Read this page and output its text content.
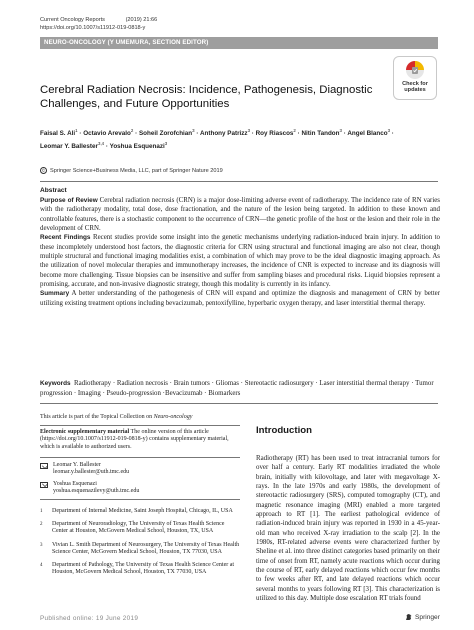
Current Oncology Reports	(2019) 21:66
https://doi.org/10.1007/s11912-019-0818-y
NEURO-ONCOLOGY (Y UMEMURA, SECTION EDITOR)
Check for
updates
Cerebral Radiation Necrosis: Incidence, Pathogenesis, Diagnostic Challenges, and Future Opportunities
Faisal S. Ali$^1$ · Octavio Arevalo$^2$ · Soheil Zorofchian$^3$ · Anthony Patrizz$^3$ · Roy Riascos$^2$ · Nitin Tandon$^3$ · Angel Blanco$^3$ ·
Leomar Y. Ballester$^{3,4}$ · Yoshua Esquenazi$^3$
© Springer Science+Business Media, LLC, part of Springer Nature 2019
Abstract
Purpose of Review Cerebral radiation necrosis (CRN) is a major dose-limiting adverse event of radiotherapy. The incidence rate of RN varies with the radiotherapy modality, total dose, dose fractionation, and the nature of the lesion being targeted. In addition to these known and controllable features, there is a stochastic component to the occurrence of CRN—the genetic profile of the host or the lesion and their role in the development of CRN.
Recent Findings Recent studies provide some insight into the genetic mechanisms underlying radiation-induced brain injury. In addition to these incompletely understood host factors, the diagnostic criteria for CRN using structural and functional imaging are also not clear, though multiple structural and functional imaging modalities exist, a combination of which may prove to be the ideal diagnostic imaging approach. As the utilization of novel molecular therapies and immunotherapy increases, the incidence of CNR is expected to increase and its diagnosis will become more challenging. Tissue biopsies can be insensitive and suffer from sampling biases and procedural risks. Liquid biopsies represent a promising, accurate, and non-invasive diagnostic strategy, though this modality is currently in its infancy.
Summary A better understanding of the pathogenesis of CRN will expand and optimize the diagnosis and management of CRN by better utilizing existing treatment options including bevacizumab, pentoxifylline, hyperbaric oxygen therapy, and laser interstitial thermal therapy.
Keywords Radiotherapy · Radiation necrosis · Brain tumors · Gliomas · Stereotactic radiosurgery · Laser interstitial thermal therapy · Tumor progression · Imaging · Pseudo-progression ·Bevacizumab · Biomarkers
This article is part of the Topical Collection on Neuro-oncology
Electronic supplementary material The online version of this article (https://doi.org/10.1007/s11912-019-0818-y) contains supplementary material, which is available to authorized users.
Leomar Y. Ballester
leomar.y.ballester@uth.tmc.edu
Yoshua Esquenazi
yoshua.esquenazilevy@uth.tmc.edu
1	Department of Internal Medicine, Saint Joseph Hospital, Chicago, IL, USA
2	Department of Neuroradiology, The University of Texas Health Science Center at Houston, McGovern Medical School, Houston, TX, USA
3	Vivian L. Smith Department of Neurosurgery, The University of Texas Health Science Center, McGovern Medical School, Houston, TX 77030, USA
4	Department of Pathology, The University of Texas Health Science Center at Houston, McGovern Medical School, Houston, TX 77030, USA
Introduction
Radiotherapy (RT) has been used to treat intracranial tumors for over half a century. Early RT modalities irradiated the whole brain, initially with kilovoltage, and later with megavoltage X-rays. In the late 1970s and early 1980s, the development of stereotactic radiosurgery (SRS), computed tomography (CT), and magnetic resonance imaging (MRI) enabled a more targeted approach to RT [1]. The earliest pathological evidence of radiation-induced brain injury was reported in 1930 in a 45-year-old man who received X-ray irradiation to the scalp [2]. In the 1980s, RT-related adverse events were characterized further by Sheline et al. into three distinct categories based primarily on their time of onset from RT, namely acute reactions which occur during the course of RT, early delayed reactions which occur few months to few weeks after RT, and late delayed reactions which occur several months to years following RT [3]. This characterization is utilized to this day. Multiple dose escalation RT trials found
Published online: 19 June 2019	Springer
